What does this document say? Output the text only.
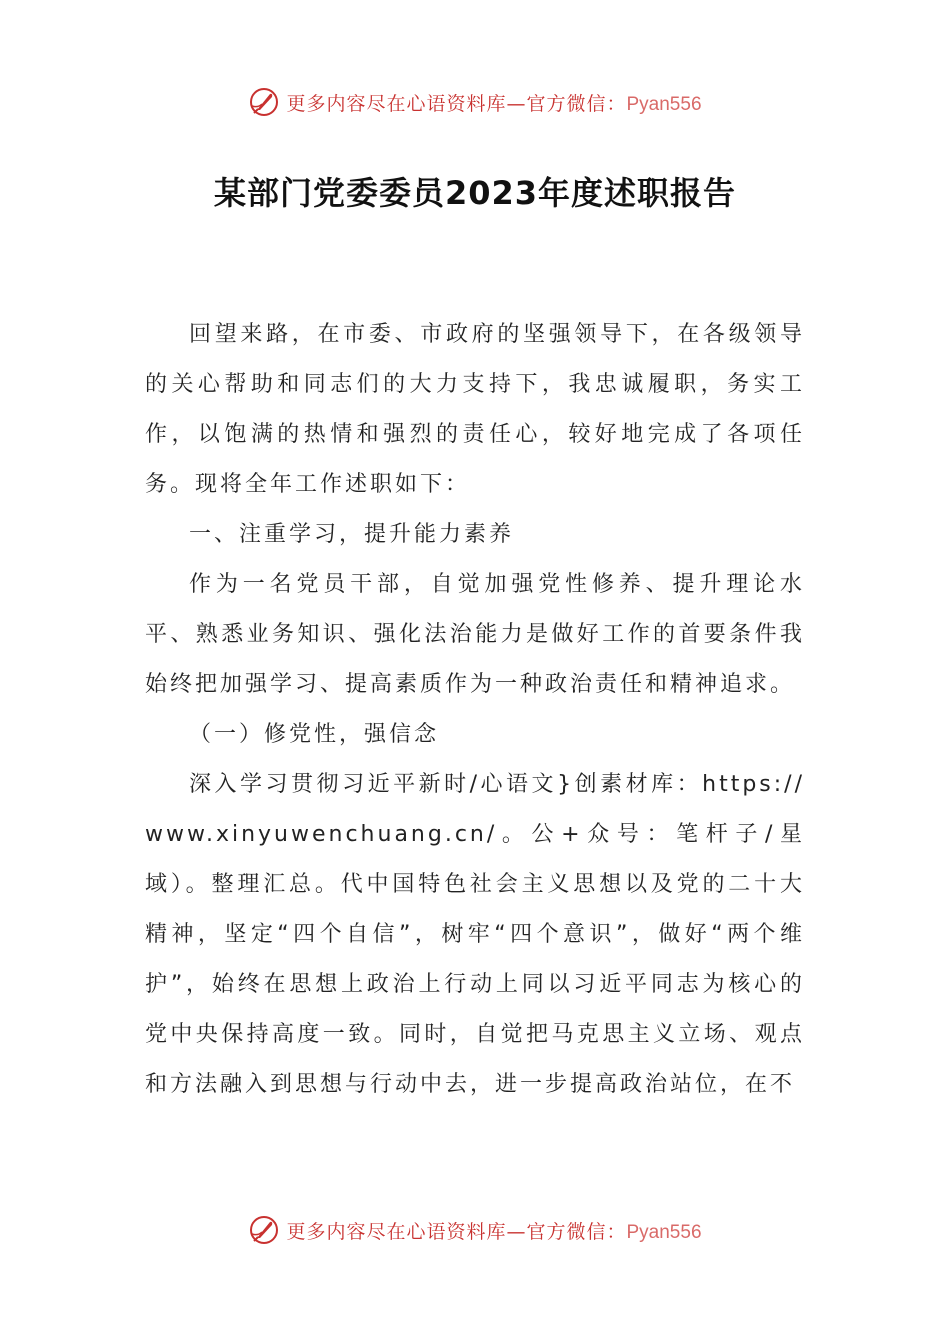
更多内容尽在心语资料库—官方微信：Pyan556
某部门党委委员2023年度述职报告

回望来路，在市委、市政府的坚强领导下，在各级领导的关心帮助和同志们的大力支持下，我忠诚履职，务实工作，以饱满的热情和强烈的责任心，较好地完成了各项任务。现将全年工作述职如下：

一、注重学习，提升能力素养

作为一名党员干部，自觉加强党性修养、提升理论水平、熟悉业务知识、强化法治能力是做好工作的首要条件我始终把加强学习、提高素质作为一种政治责任和精神追求。

（一）修党性，强信念

深入学习贯彻习近平新时/心语文}创素材库：https://www.xinyuwenchuang.cn/。公+众号：笔杆子/星域）。整理汇总。代中国特色社会主义思想以及党的二十大精神，坚定“四个自信”，树牢“四个意识”，做好“两个维护”，始终在思想上政治上行动上同以习近平同志为核心的党中央保持高度一致。同时，自觉把马克思主义立场、观点和方法融入到思想与行动中去，进一步提高政治站位，在不

更多内容尽在心语资料库—官方微信：Pyan556
